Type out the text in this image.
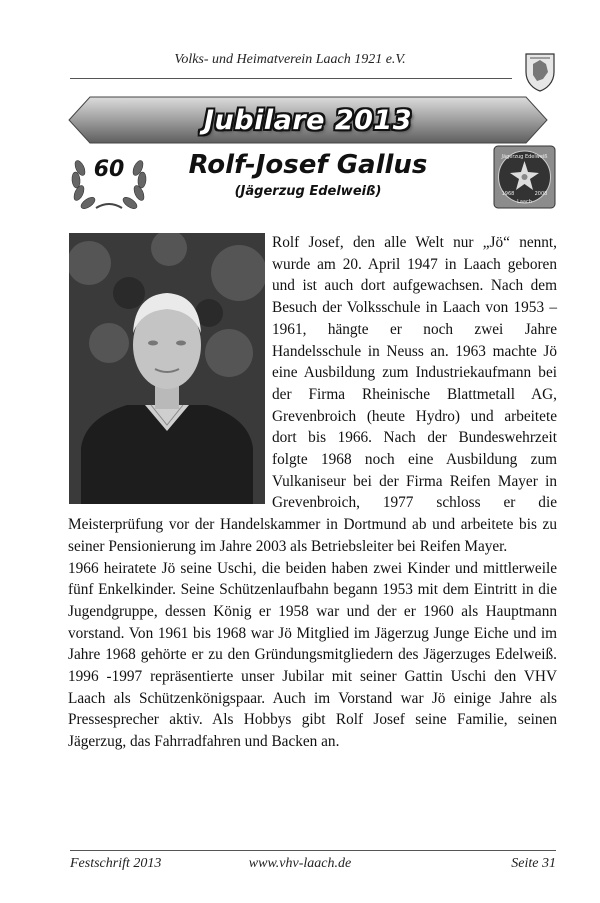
Volks- und Heimatverein Laach 1921 e.V.
Jubilare 2013
60	Rolf-Josef Gallus
(Jägerzug Edelweiß)
Jägerzug Edelweiß
1968	2008
Laach

Rolf Josef, den alle Welt nur „Jö“ nennt, wurde am 20. April 1947 in Laach geboren und ist auch dort aufgewachsen. Nach dem Besuch der Volksschule in Laach von 1953 – 1961, hängte er noch zwei Jahre Handelsschule in Neuss an. 1963 machte Jö eine Ausbildung zum Industriekaufmann bei der Firma Rheinische Blattmetall AG, Grevenbroich (heute Hydro) und arbeitete dort bis 1966. Nach der Bundeswehrzeit folgte 1968 noch eine Ausbildung zum Vulkaniseur bei der Firma Reifen Mayer in Grevenbroich, 1977 schloss er die Meisterprüfung vor der Handelskammer in Dortmund ab und arbeitete bis zu seiner Pensionierung im Jahre 2003 als Betriebsleiter bei Reifen Mayer.

1966 heiratete Jö seine Uschi, die beiden haben zwei Kinder und mittlerweile fünf Enkelkinder. Seine Schützenlaufbahn begann 1953 mit dem Eintritt in die Jugendgruppe, dessen König er 1958 war und der er 1960 als Hauptmann vorstand. Von 1961 bis 1968 war Jö Mitglied im Jägerzug Junge Eiche und im Jahre 1968 gehörte er zu den Gründungsmitgliedern des Jägerzuges Edelweiß. 1996 -1997 repräsentierte unser Jubilar mit seiner Gattin Uschi den VHV Laach als Schützenkönigspaar. Auch im Vorstand war Jö einige Jahre als Pressesprecher aktiv. Als Hobbys gibt Rolf Josef seine Familie, seinen Jägerzug, das Fahrradfahren und Backen an.

Festschrift 2013	www.vhv-laach.de	Seite 31
